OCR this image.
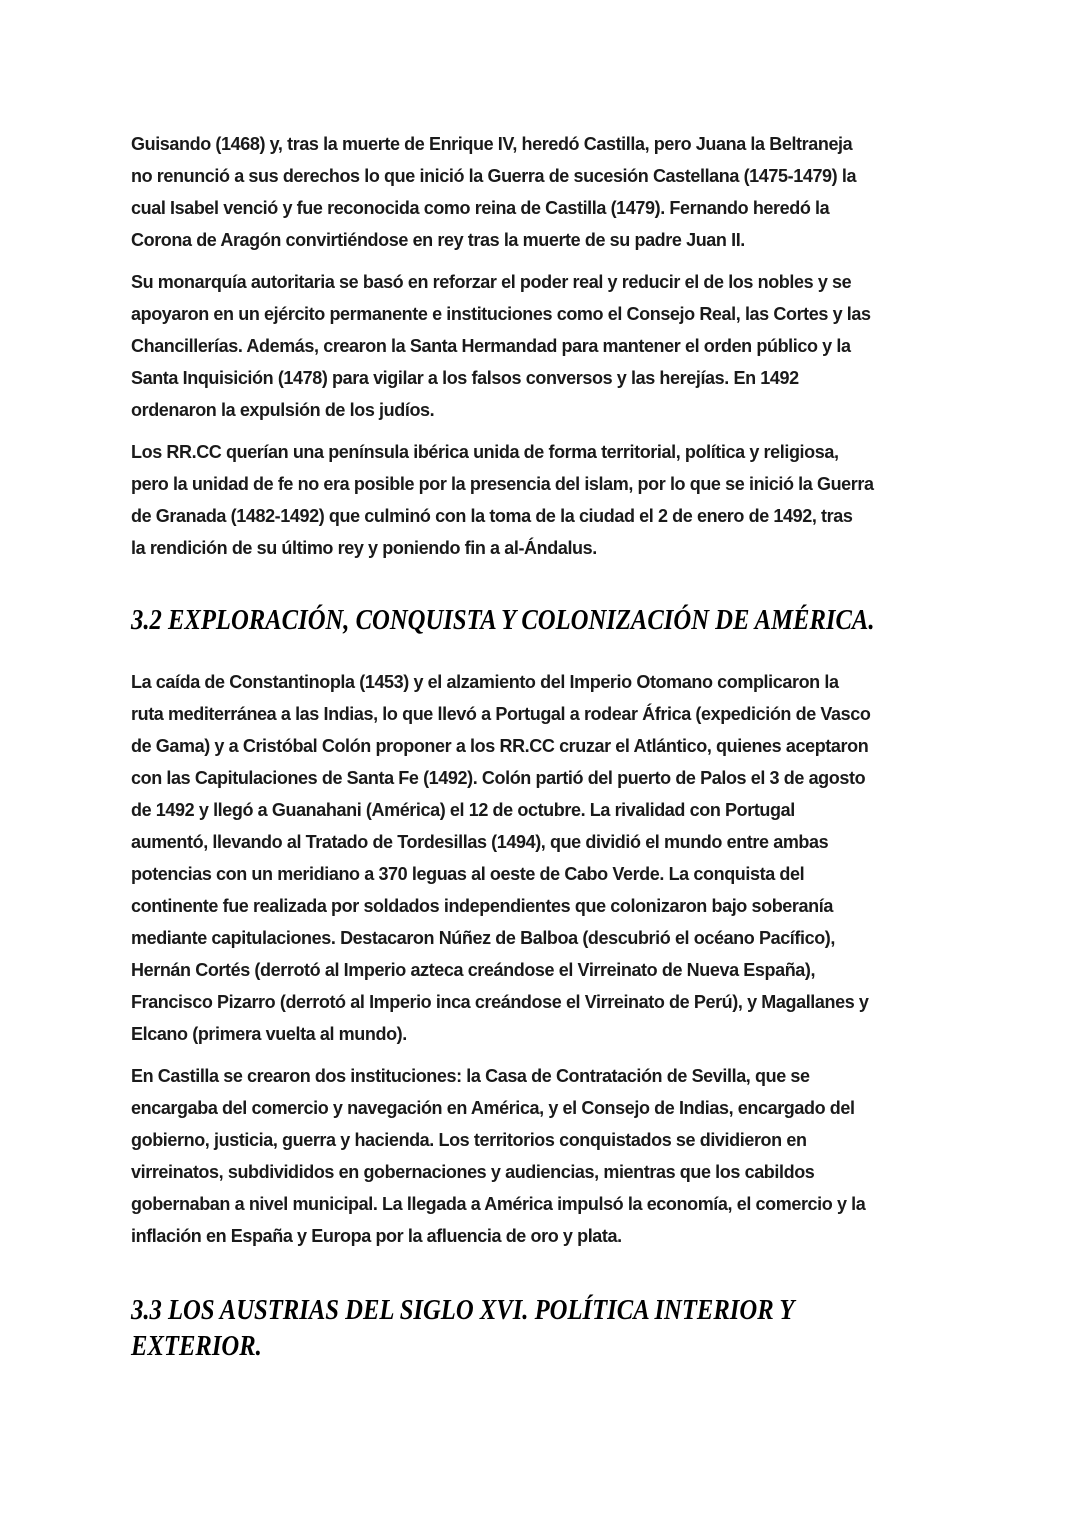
Guisando (1468) y, tras la muerte de Enrique IV, heredó Castilla, pero Juana la Beltraneja
no renunció a sus derechos lo que inició la Guerra de sucesión Castellana (1475-1479) la
cual Isabel venció y fue reconocida como reina de Castilla (1479). Fernando heredó la
Corona de Aragón convirtiéndose en rey tras la muerte de su padre Juan II.

Su monarquía autoritaria se basó en reforzar el poder real y reducir el de los nobles y se
apoyaron en un ejército permanente e instituciones como el Consejo Real, las Cortes y las
Chancillerías. Además, crearon la Santa Hermandad para mantener el orden público y la
Santa Inquisición (1478) para vigilar a los falsos conversos y las herejías. En 1492
ordenaron la expulsión de los judíos.

Los RR.CC querían una península ibérica unida de forma territorial, política y religiosa,
pero la unidad de fe no era posible por la presencia del islam, por lo que se inició la Guerra
de Granada (1482-1492) que culminó con la toma de la ciudad el 2 de enero de 1492, tras
la rendición de su último rey y poniendo fin a al-Ándalus.

3.2 EXPLORACIÓN, CONQUISTA Y COLONIZACIÓN DE AMÉRICA.

La caída de Constantinopla (1453) y el alzamiento del Imperio Otomano complicaron la
ruta mediterránea a las Indias, lo que llevó a Portugal a rodear África (expedición de Vasco
de Gama) y a Cristóbal Colón proponer a los RR.CC cruzar el Atlántico, quienes aceptaron
con las Capitulaciones de Santa Fe (1492). Colón partió del puerto de Palos el 3 de agosto
de 1492 y llegó a Guanahani (América) el 12 de octubre. La rivalidad con Portugal
aumentó, llevando al Tratado de Tordesillas (1494), que dividió el mundo entre ambas
potencias con un meridiano a 370 leguas al oeste de Cabo Verde. La conquista del
continente fue realizada por soldados independientes que colonizaron bajo soberanía
mediante capitulaciones. Destacaron Núñez de Balboa (descubrió el océano Pacífico),
Hernán Cortés (derrotó al Imperio azteca creándose el Virreinato de Nueva España),
Francisco Pizarro (derrotó al Imperio inca creándose el Virreinato de Perú), y Magallanes y
Elcano (primera vuelta al mundo).

En Castilla se crearon dos instituciones: la Casa de Contratación de Sevilla, que se
encargaba del comercio y navegación en América, y el Consejo de Indias, encargado del
gobierno, justicia, guerra y hacienda. Los territorios conquistados se dividieron en
virreinatos, subdivididos en gobernaciones y audiencias, mientras que los cabildos
gobernaban a nivel municipal. La llegada a América impulsó la economía, el comercio y la
inflación en España y Europa por la afluencia de oro y plata.

3.3 LOS AUSTRIAS DEL SIGLO XVI. POLÍTICA INTERIOR Y
EXTERIOR.
